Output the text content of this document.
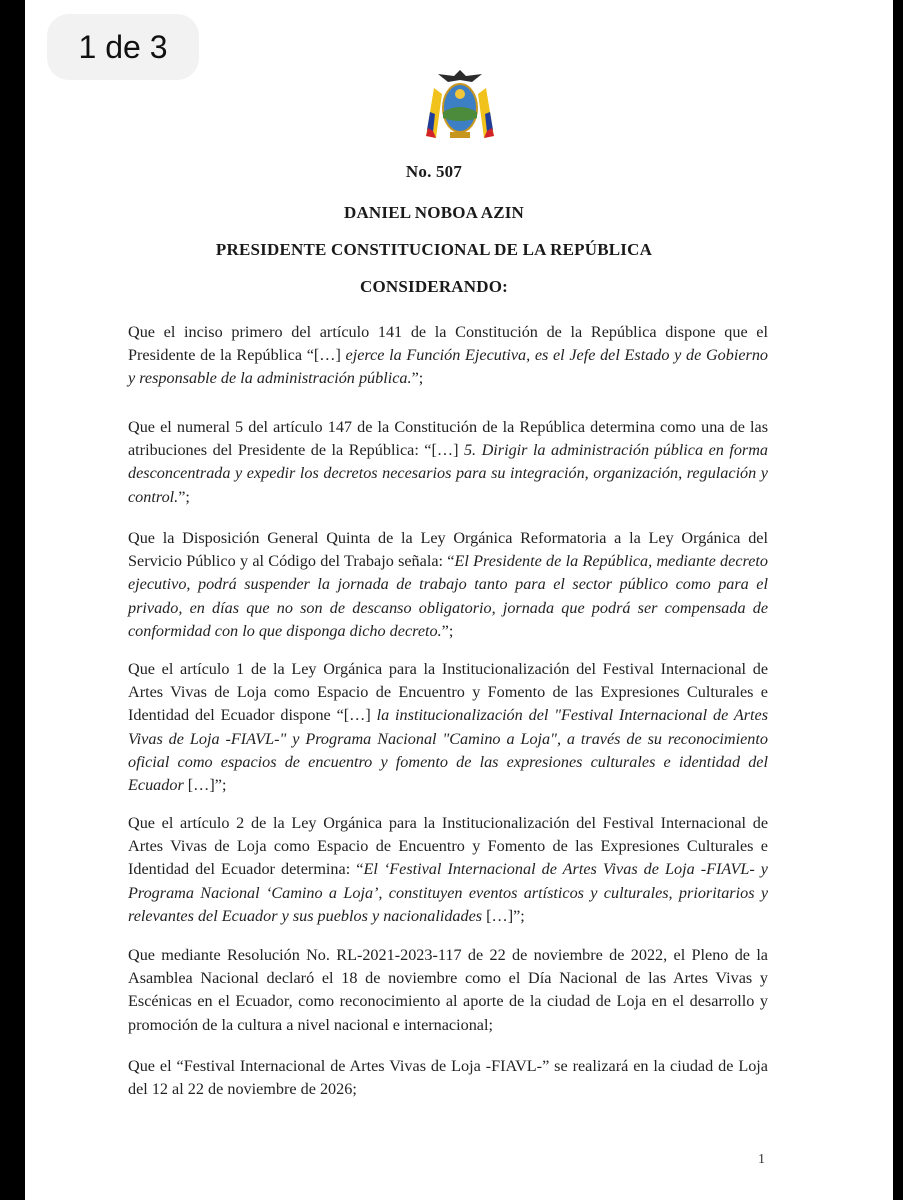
1 de 3
No. 507
DANIEL NOBOA AZIN
PRESIDENTE CONSTITUCIONAL DE LA REPÚBLICA
CONSIDERANDO:
Que el inciso primero del artículo 141 de la Constitución de la República dispone que el Presidente de la República “[…] ejerce la Función Ejecutiva, es el Jefe del Estado y de Gobierno y responsable de la administración pública.”;
Que el numeral 5 del artículo 147 de la Constitución de la República determina como una de las atribuciones del Presidente de la República: “[…] 5. Dirigir la administración pública en forma desconcentrada y expedir los decretos necesarios para su integración, organización, regulación y control.”;
Que la Disposición General Quinta de la Ley Orgánica Reformatoria a la Ley Orgánica del Servicio Público y al Código del Trabajo señala: “El Presidente de la República, mediante decreto ejecutivo, podrá suspender la jornada de trabajo tanto para el sector público como para el privado, en días que no son de descanso obligatorio, jornada que podrá ser compensada de conformidad con lo que disponga dicho decreto.”;
Que el artículo 1 de la Ley Orgánica para la Institucionalización del Festival Internacional de Artes Vivas de Loja como Espacio de Encuentro y Fomento de las Expresiones Culturales e Identidad del Ecuador dispone “[…] la institucionalización del "Festival Internacional de Artes Vivas de Loja -FIAVL-" y Programa Nacional "Camino a Loja", a través de su reconocimiento oficial como espacios de encuentro y fomento de las expresiones culturales e identidad del Ecuador […]”;
Que el artículo 2 de la Ley Orgánica para la Institucionalización del Festival Internacional de Artes Vivas de Loja como Espacio de Encuentro y Fomento de las Expresiones Culturales e Identidad del Ecuador determina: “El ‘Festival Internacional de Artes Vivas de Loja -FIAVL- y Programa Nacional ‘Camino a Loja’, constituyen eventos artísticos y culturales, prioritarios y relevantes del Ecuador y sus pueblos y nacionalidades […]”;
Que mediante Resolución No. RL-2021-2023-117 de 22 de noviembre de 2022, el Pleno de la Asamblea Nacional declaró el 18 de noviembre como el Día Nacional de las Artes Vivas y Escénicas en el Ecuador, como reconocimiento al aporte de la ciudad de Loja en el desarrollo y promoción de la cultura a nivel nacional e internacional;
Que el “Festival Internacional de Artes Vivas de Loja -FIAVL-” se realizará en la ciudad de Loja del 12 al 22 de noviembre de 2026;
1
